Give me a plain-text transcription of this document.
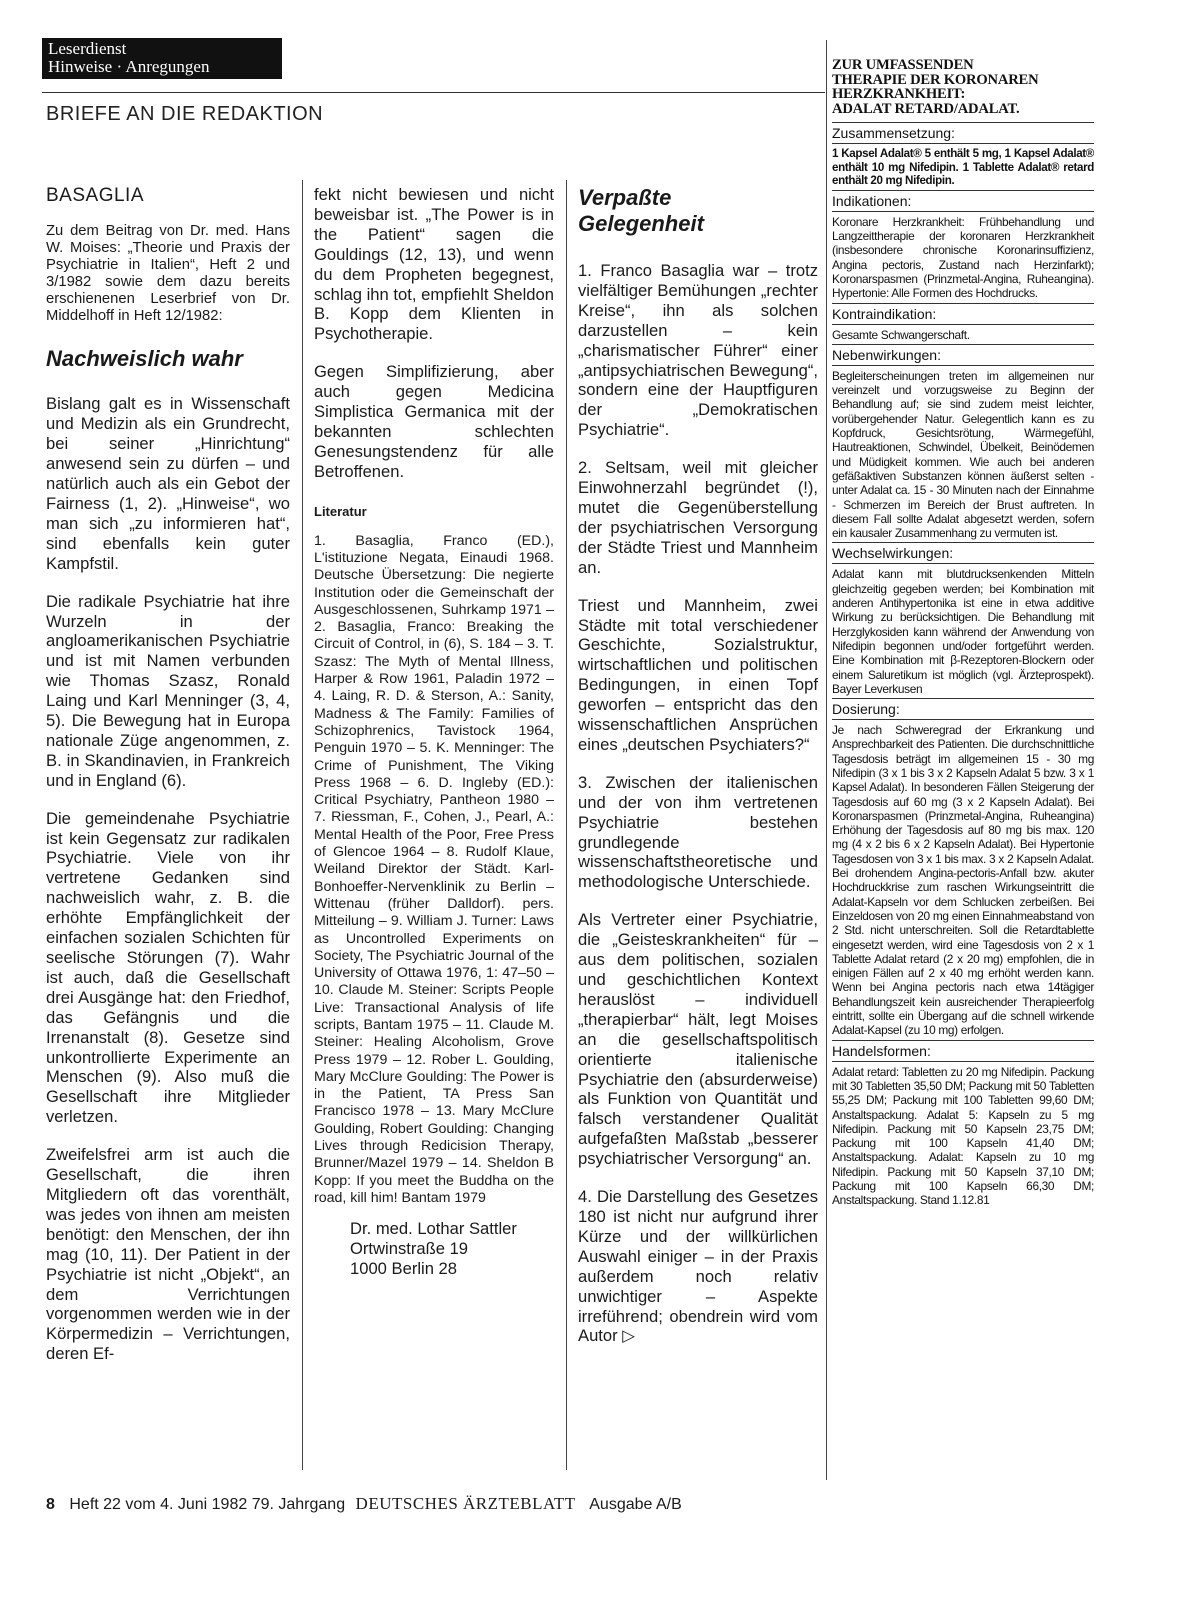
Leserdienst
Hinweise · Anregungen
BRIEFE AN DIE REDAKTION
BASAGLIA

Zu dem Beitrag von Dr. med. Hans W. Moises: „Theorie und Praxis der Psychiatrie in Italien“, Heft 2 und 3/1982 sowie dem dazu bereits erschienenen Leserbrief von Dr. Middelhoff in Heft 12/1982:

Nachweislich wahr

Bislang galt es in Wissenschaft und Medizin als ein Grundrecht, bei seiner „Hinrichtung“ anwesend sein zu dürfen – und natürlich auch als ein Gebot der Fairness (1, 2). „Hinweise“, wo man sich „zu informieren hat“, sind ebenfalls kein guter Kampfstil.

Die radikale Psychiatrie hat ihre Wurzeln in der angloamerikanischen Psychiatrie und ist mit Namen verbunden wie Thomas Szasz, Ronald Laing und Karl Menninger (3, 4, 5). Die Bewegung hat in Europa nationale Züge angenommen, z. B. in Skandinavien, in Frankreich und in England (6).

Die gemeindenahe Psychiatrie ist kein Gegensatz zur radikalen Psychiatrie. Viele von ihr vertretene Gedanken sind nachweislich wahr, z. B. die erhöhte Empfänglichkeit der einfachen sozialen Schichten für seelische Störungen (7). Wahr ist auch, daß die Gesellschaft drei Ausgänge hat: den Friedhof, das Gefängnis und die Irrenanstalt (8). Gesetze sind unkontrollierte Experimente an Menschen (9). Also muß die Gesellschaft ihre Mitglieder verletzen.

Zweifelsfrei arm ist auch die Gesellschaft, die ihren Mitgliedern oft das vorenthält, was jedes von ihnen am meisten benötigt: den Menschen, der ihn mag (10, 11). Der Patient in der Psychiatrie ist nicht „Objekt“, an dem Verrichtungen vorgenommen werden wie in der Körpermedizin – Verrichtungen, deren Ef-

fekt nicht bewiesen und nicht beweisbar ist. „The Power is in the Patient“ sagen die Gouldings (12, 13), und wenn du dem Propheten begegnest, schlag ihn tot, empfiehlt Sheldon B. Kopp dem Klienten in Psychotherapie.

Gegen Simplifizierung, aber auch gegen Medicina Simplistica Germanica mit der bekannten schlechten Genesungstendenz für alle Betroffenen.

Literatur

1. Basaglia, Franco (ED.), L'istituzione Negata, Einaudi 1968. Deutsche Übersetzung: Die negierte Institution oder die Gemeinschaft der Ausgeschlossenen, Suhrkamp 1971 – 2. Basaglia, Franco: Breaking the Circuit of Control, in (6), S. 184 – 3. T. Szasz: The Myth of Mental Illness, Harper & Row 1961, Paladin 1972 – 4. Laing, R. D. & Sterson, A.: Sanity, Madness & The Family: Families of Schizophrenics, Tavistock 1964, Penguin 1970 – 5. K. Menninger: The Crime of Punishment, The Viking Press 1968 – 6. D. Ingleby (ED.): Critical Psychiatry, Pantheon 1980 – 7. Riessman, F., Cohen, J., Pearl, A.: Mental Health of the Poor, Free Press of Glencoe 1964 – 8. Rudolf Klaue, Weiland Direktor der Städt. Karl-Bonhoeffer-Nervenklinik zu Berlin – Wittenau (früher Dalldorf). pers. Mitteilung – 9. William J. Turner: Laws as Uncontrolled Experiments on Society, The Psychiatric Journal of the University of Ottawa 1976, 1: 47–50 – 10. Claude M. Steiner: Scripts People Live: Transactional Analysis of life scripts, Bantam 1975 – 11. Claude M. Steiner: Healing Alcoholism, Grove Press 1979 – 12. Rober L. Goulding, Mary McClure Goulding: The Power is in the Patient, TA Press San Francisco 1978 – 13. Mary McClure Goulding, Robert Goulding: Changing Lives through Redicision Therapy, Brunner/Mazel 1979 – 14. Sheldon B Kopp: If you meet the Buddha on the road, kill him! Bantam 1979

Dr. med. Lothar Sattler
Ortwinstraße 19
1000 Berlin 28
Verpaßte
Gelegenheit

1. Franco Basaglia war – trotz vielfältiger Bemühungen „rechter Kreise“, ihn als solchen darzustellen – kein „charismatischer Führer“ einer „antipsychiatrischen Bewegung“, sondern eine der Hauptfiguren der „Demokratischen Psychiatrie“.

2. Seltsam, weil mit gleicher Einwohnerzahl begründet (!), mutet die Gegenüberstellung der psychiatrischen Versorgung der Städte Triest und Mannheim an.

Triest und Mannheim, zwei Städte mit total verschiedener Geschichte, Sozialstruktur, wirtschaftlichen und politischen Bedingungen, in einen Topf geworfen – entspricht das den wissenschaftlichen Ansprüchen eines „deutschen Psychiaters?“

3. Zwischen der italienischen und der von ihm vertretenen Psychiatrie bestehen grundlegende wissenschaftstheoretische und methodologische Unterschiede.

Als Vertreter einer Psychiatrie, die „Geisteskrankheiten“ für – aus dem politischen, sozialen und geschichtlichen Kontext herauslöst – individuell „therapierbar“ hält, legt Moises an die gesellschaftspolitisch orientierte italienische Psychiatrie den (absurderweise) als Funktion von Quantität und falsch verstandener Qualität aufgefaßten Maßstab „besserer psychiatrischer Versorgung“ an.

4. Die Darstellung des Gesetzes 180 ist nicht nur aufgrund ihrer Kürze und der willkürlichen Auswahl einiger – in der Praxis außerdem noch relativ unwichtiger – Aspekte irreführend; obendrein wird vom Autor ▷

ZUR UMFASSENDEN
THERAPIE DER KORONAREN
HERZKRANKHEIT:
ADALAT RETARD/ADALAT.
Zusammensetzung:
1 Kapsel Adalat® 5 enthält 5 mg, 1 Kapsel Adalat® enthält 10 mg Nifedipin. 1 Tablette Adalat® retard enthält 20 mg Nifedipin.
Indikationen:
Koronare Herzkrankheit: Frühbehandlung und Langzeittherapie der koronaren Herzkrankheit (insbesondere chronische Koronarinsuffizienz, Angina pectoris, Zustand nach Herzinfarkt); Koronarspasmen (Prinzmetal-Angina, Ruheangina). Hypertonie: Alle Formen des Hochdrucks.
Kontraindikation:
Gesamte Schwangerschaft.
Nebenwirkungen:
Begleiterscheinungen treten im allgemeinen nur vereinzelt und vorzugsweise zu Beginn der Behandlung auf; sie sind zudem meist leichter, vorübergehender Natur. Gelegentlich kann es zu Kopfdruck, Gesichtsrötung, Wärmegefühl, Hautreaktionen, Schwindel, Übelkeit, Beinödemen und Müdigkeit kommen. Wie auch bei anderen gefäßaktiven Substanzen können äußerst selten - unter Adalat ca. 15 - 30 Minuten nach der Einnahme - Schmerzen im Bereich der Brust auftreten. In diesem Fall sollte Adalat abgesetzt werden, sofern ein kausaler Zusammenhang zu vermuten ist.
Wechselwirkungen:
Adalat kann mit blutdrucksenkenden Mitteln gleichzeitig gegeben werden; bei Kombination mit anderen Antihypertonika ist eine in etwa additive Wirkung zu berücksichtigen. Die Behandlung mit Herzglykosiden kann während der Anwendung von Nifedipin begonnen und/oder fortgeführt werden. Eine Kombination mit β-Rezeptoren-Blockern oder einem Saluretikum ist möglich (vgl. Ärzteprospekt). Bayer Leverkusen
Dosierung:
Je nach Schweregrad der Erkrankung und Ansprechbarkeit des Patienten. Die durchschnittliche Tagesdosis beträgt im allgemeinen 15 - 30 mg Nifedipin (3 x 1 bis 3 x 2 Kapseln Adalat 5 bzw. 3 x 1 Kapsel Adalat). In besonderen Fällen Steigerung der Tagesdosis auf 60 mg (3 x 2 Kapseln Adalat). Bei Koronarspasmen (Prinzmetal-Angina, Ruheangina) Erhöhung der Tagesdosis auf 80 mg bis max. 120 mg (4 x 2 bis 6 x 2 Kapseln Adalat). Bei Hypertonie Tagesdosen von 3 x 1 bis max. 3 x 2 Kapseln Adalat. Bei drohendem Angina-pectoris-Anfall bzw. akuter Hochdruckkrise zum raschen Wirkungseintritt die Adalat-Kapseln vor dem Schlucken zerbeißen. Bei Einzeldosen von 20 mg einen Einnahmeabstand von 2 Std. nicht unterschreiten. Soll die Retardtablette eingesetzt werden, wird eine Tagesdosis von 2 x 1 Tablette Adalat retard (2 x 20 mg) empfohlen, die in einigen Fällen auf 2 x 40 mg erhöht werden kann. Wenn bei Angina pectoris nach etwa 14tägiger Behandlungszeit kein ausreichender Therapieerfolg eintritt, sollte ein Übergang auf die schnell wirkende Adalat-Kapsel (zu 10 mg) erfolgen.
Handelsformen:
Adalat retard: Tabletten zu 20 mg Nifedipin. Packung mit 30 Tabletten 35,50 DM; Packung mit 50 Tabletten 55,25 DM; Packung mit 100 Tabletten 99,60 DM; Anstaltspackung. Adalat 5: Kapseln zu 5 mg Nifedipin. Packung mit 50 Kapseln 23,75 DM; Packung mit 100 Kapseln 41,40 DM; Anstaltspackung. Adalat: Kapseln zu 10 mg Nifedipin. Packung mit 50 Kapseln 37,10 DM; Packung mit 100 Kapseln 66,30 DM; Anstaltspackung. Stand 1.12.81
8 Heft 22 vom 4. Juni 1982 79. Jahrgang DEUTSCHES ÄRZTEBLATT Ausgabe A/B
